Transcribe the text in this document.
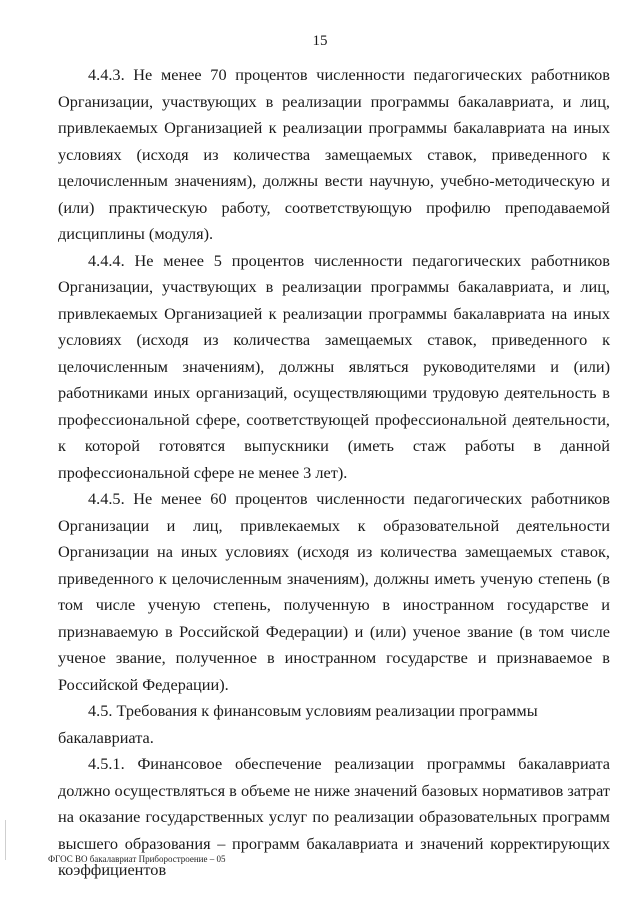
15

4.4.3. Не менее 70 процентов численности педагогических работников Организации, участвующих в реализации программы бакалавриата, и лиц, привлекаемых Организацией к реализации программы бакалавриата на иных условиях (исходя из количества замещаемых ставок, приведенного к целочисленным значениям), должны вести научную, учебно-методическую и (или) практическую работу, соответствующую профилю преподаваемой дисциплины (модуля).

4.4.4. Не менее 5 процентов численности педагогических работников Организации, участвующих в реализации программы бакалавриата, и лиц, привлекаемых Организацией к реализации программы бакалавриата на иных условиях (исходя из количества замещаемых ставок, приведенного к целочисленным значениям), должны являться руководителями и (или) работниками иных организаций, осуществляющими трудовую деятельность в профессиональной сфере, соответствующей профессиональной деятельности, к которой готовятся выпускники (иметь стаж работы в данной профессиональной сфере не менее 3 лет).

4.4.5. Не менее 60 процентов численности педагогических работников Организации и лиц, привлекаемых к образовательной деятельности Организации на иных условиях (исходя из количества замещаемых ставок, приведенного к целочисленным значениям), должны иметь ученую степень (в том числе ученую степень, полученную в иностранном государстве и признаваемую в Российской Федерации) и (или) ученое звание (в том числе ученое звание, полученное в иностранном государстве и признаваемое в Российской Федерации).

4.5. Требования к финансовым условиям реализации программы бакалавриата.

4.5.1. Финансовое обеспечение реализации программы бакалавриата должно осуществляться в объеме не ниже значений базовых нормативов затрат на оказание государственных услуг по реализации образовательных программ высшего образования – программ бакалавриата и значений корректирующих коэффициентов

ФГОС ВО бакалавриат Приборостроение – 05
